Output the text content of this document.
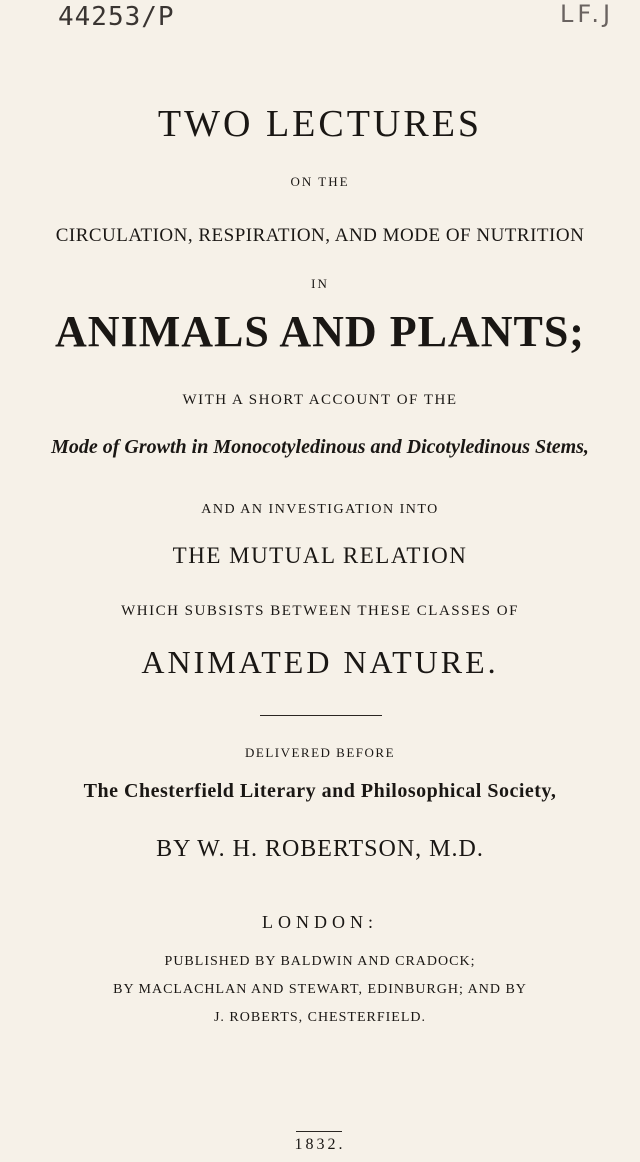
44253/P	LF.J
TWO LECTURES
ON THE
CIRCULATION, RESPIRATION, AND MODE OF NUTRITION
IN
ANIMALS AND PLANTS;
WITH A SHORT ACCOUNT OF THE
Mode of Growth in Monocotyledinous and Dicotyledinous Stems,
AND AN INVESTIGATION INTO
THE MUTUAL RELATION
WHICH SUBSISTS BETWEEN THESE CLASSES OF
ANIMATED NATURE.
DELIVERED BEFORE
The Chesterfield Literary and Philosophical Society,
BY W. H. ROBERTSON, M.D.
LONDON:
PUBLISHED BY BALDWIN AND CRADOCK;
BY MACLACHLAN AND STEWART, EDINBURGH; AND BY
J. ROBERTS, CHESTERFIELD.
1832.
